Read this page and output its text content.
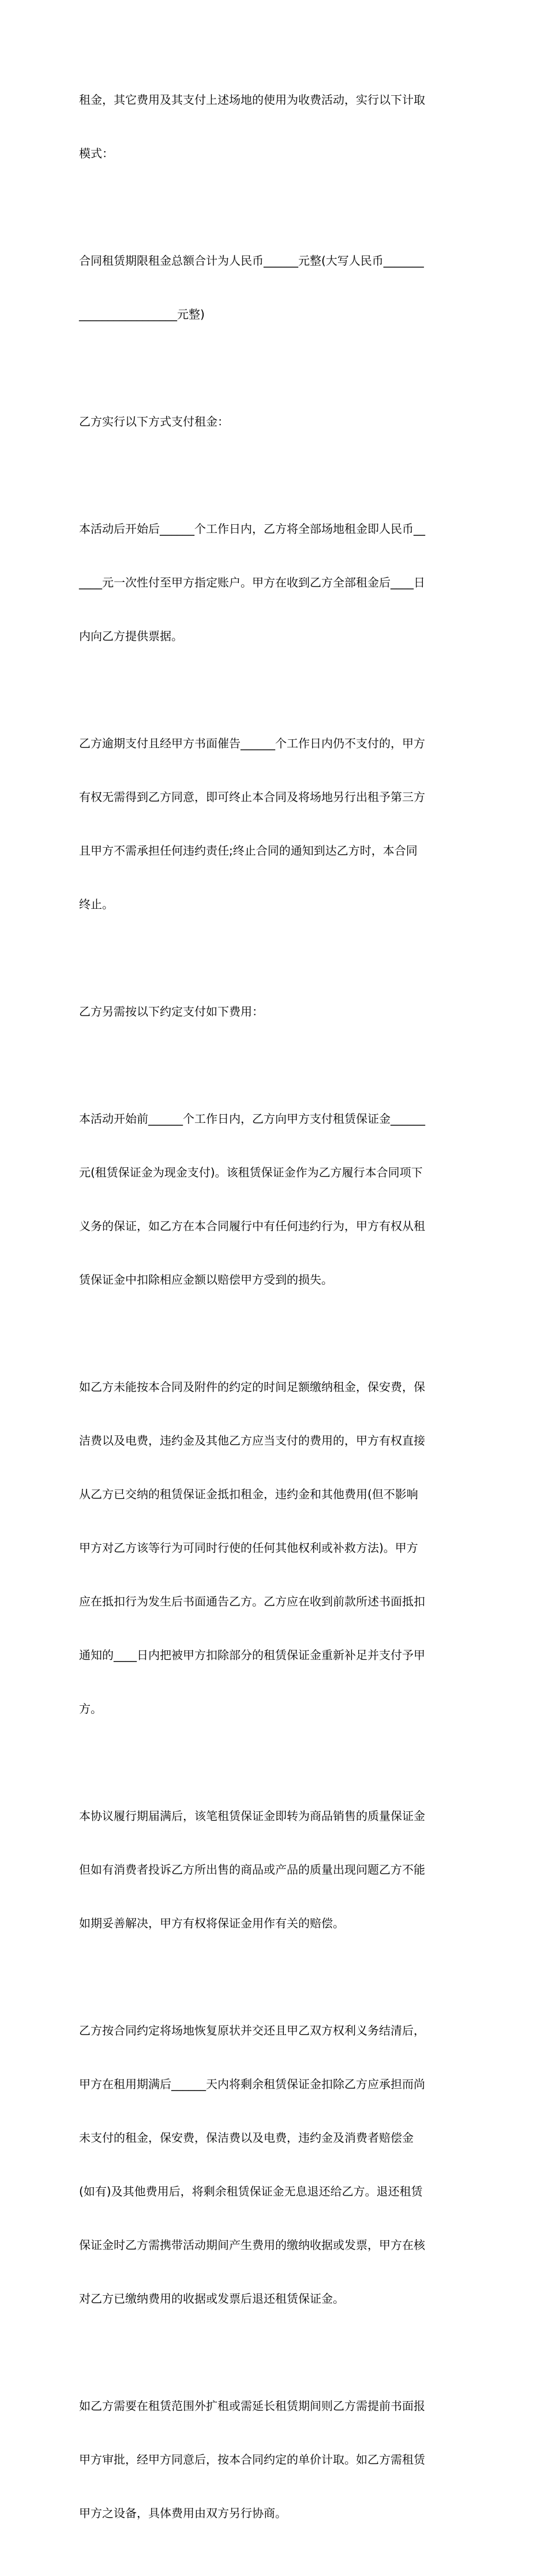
租金，其它费用及其支付上述场地的使用为收费活动，实行以下计取

模式：

合同租赁期限租金总额合计为人民币______元整(大写人民币_______

_________________元整)

乙方实行以下方式支付租金：

本活动后开始后______个工作日内，乙方将全部场地租金即人民币__

____元一次性付至甲方指定账户。甲方在收到乙方全部租金后____日

内向乙方提供票据。

乙方逾期支付且经甲方书面催告______个工作日内仍不支付的，甲方

有权无需得到乙方同意，即可终止本合同及将场地另行出租予第三方

且甲方不需承担任何违约责任;终止合同的通知到达乙方时，本合同

终止。

乙方另需按以下约定支付如下费用：

本活动开始前______个工作日内，乙方向甲方支付租赁保证金______

元(租赁保证金为现金支付)。该租赁保证金作为乙方履行本合同项下

义务的保证，如乙方在本合同履行中有任何违约行为，甲方有权从租

赁保证金中扣除相应金额以赔偿甲方受到的损失。

如乙方未能按本合同及附件的约定的时间足额缴纳租金，保安费，保

洁费以及电费，违约金及其他乙方应当支付的费用的，甲方有权直接

从乙方已交纳的租赁保证金抵扣租金，违约金和其他费用(但不影响

甲方对乙方该等行为可同时行使的任何其他权利或补救方法)。甲方

应在抵扣行为发生后书面通告乙方。乙方应在收到前款所述书面抵扣

通知的____日内把被甲方扣除部分的租赁保证金重新补足并支付予甲

方。

本协议履行期届满后，该笔租赁保证金即转为商品销售的质量保证金

但如有消费者投诉乙方所出售的商品或产品的质量出现问题乙方不能

如期妥善解决，甲方有权将保证金用作有关的赔偿。

乙方按合同约定将场地恢复原状并交还且甲乙双方权利义务结清后，

甲方在租用期满后______天内将剩余租赁保证金扣除乙方应承担而尚

未支付的租金，保安费，保洁费以及电费，违约金及消费者赔偿金

(如有)及其他费用后，将剩余租赁保证金无息退还给乙方。退还租赁

保证金时乙方需携带活动期间产生费用的缴纳收据或发票，甲方在核

对乙方已缴纳费用的收据或发票后退还租赁保证金。

如乙方需要在租赁范围外扩租或需延长租赁期间则乙方需提前书面报

甲方审批，经甲方同意后，按本合同约定的单价计取。如乙方需租赁

甲方之设备，具体费用由双方另行协商。
